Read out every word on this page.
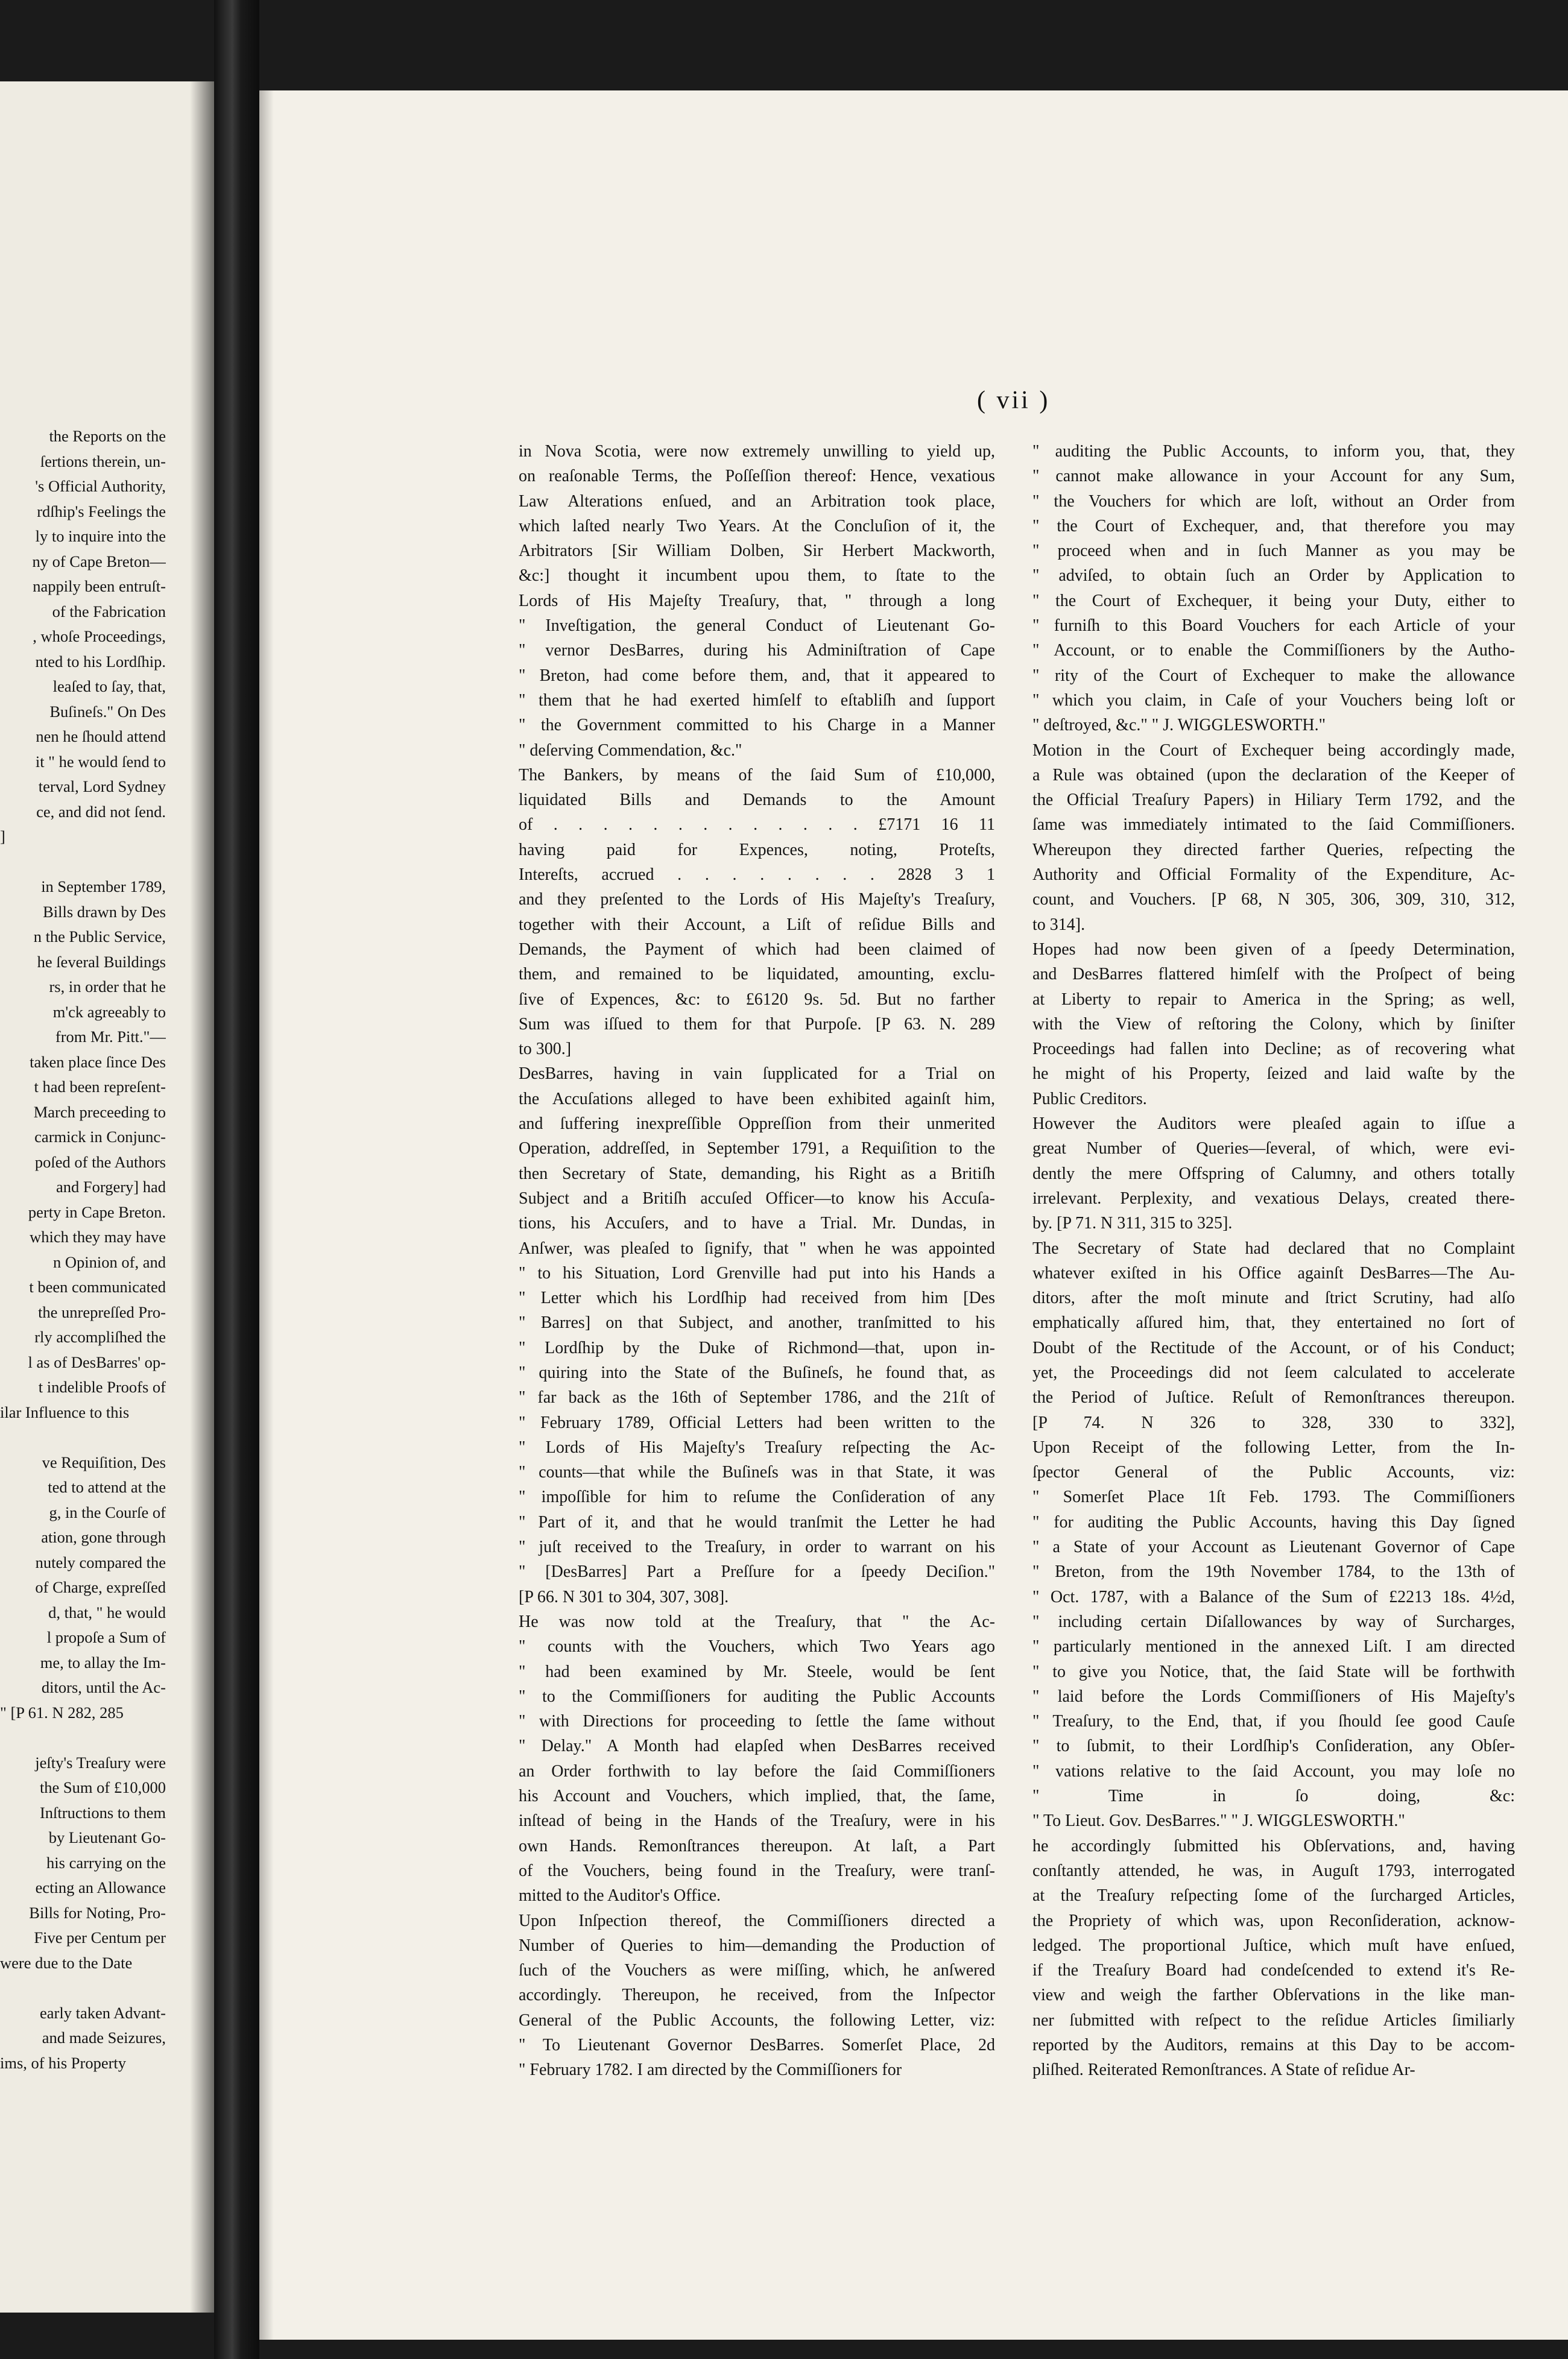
the Reports on the
ſertions therein, un-
's Official Authority,
rdſhip's Feelings the
ly to inquire into the
ny of Cape Breton—
nappily been entruſt-
of the Fabrication
, whoſe Proceedings,
nted to his Lordſhip.
leaſed to ſay, that,
Buſineſs." On Des
nen he ſhould attend
it " he would ſend to
terval, Lord Sydney
ce, and did not ſend.
]

in September 1789,
Bills drawn by Des
n the Public Service,
he ſeveral Buildings
rs, in order that he
m'ck agreeably to
from Mr. Pitt."—
taken place ſince Des
t had been repreſent-
March preceeding to
carmick in Conjunc-
poſed of the Authors
and Forgery] had
perty in Cape Breton.
which they may have
n Opinion of, and
t been communicated
the unrepreſſed Pro-
rly accompliſhed the
l as of DesBarres' op-
t indelible Proofs of
ilar Influence to this

ve Requiſition, Des
ted to attend at the
g, in the Courſe of
ation, gone through
nutely compared the
of Charge, expreſſed
d, that, " he would
l propoſe a Sum of
me, to allay the Im-
ditors, until the Ac-
" [P 61. N 282, 285

jeſty's Treaſury were
the Sum of £10,000
Inſtructions to them
by Lieutenant Go-
his carrying on the
ecting an Allowance
Bills for Noting, Pro-
Five per Centum per
were due to the Date

early taken Advant-
and made Seizures,
ims, of his Property
( vii )
in Nova Scotia, were now extremely unwilling to yield up,
on reaſonable Terms, the Poſſeſſion thereof: Hence, vexatious
Law Alterations enſued, and an Arbitration took place,
which laſted nearly Two Years. At the Concluſion of it, the
Arbitrators [Sir William Dolben, Sir Herbert Mackworth,
&c:] thought it incumbent upou them, to ſtate to the
Lords of His Majeſty Treaſury, that, " through a long
" Inveſtigation, the general Conduct of Lieutenant Go-
" vernor DesBarres, during his Adminiſtration of Cape
" Breton, had come before them, and, that it appeared to
" them that he had exerted himſelf to eſtabliſh and ſupport
" the Government committed to his Charge in a Manner
" deſerving Commendation, &c."
The Bankers, by means of the ſaid Sum of £10,000,
liquidated Bills and Demands to the Amount
of . . . . . . . . . . . . . £7171 16 11
having paid for Expences, noting, Proteſts,
Intereſts, accrued . . . . . . . . 2828 3 1
and they preſented to the Lords of His Majeſty's Treaſury,
together with their Account, a Liſt of reſidue Bills and
Demands, the Payment of which had been claimed of
them, and remained to be liquidated, amounting, exclu-
ſive of Expences, &c: to £6120 9s. 5d. But no farther
Sum was iſſued to them for that Purpoſe. [P 63. N. 289
to 300.]
DesBarres, having in vain ſupplicated for a Trial on
the Accuſations alleged to have been exhibited againſt him,
and ſuffering inexpreſſible Oppreſſion from their unmerited
Operation, addreſſed, in September 1791, a Requiſition to the
then Secretary of State, demanding, his Right as a Britiſh
Subject and a Britiſh accuſed Officer—to know his Accuſa-
tions, his Accuſers, and to have a Trial. Mr. Dundas, in
Anſwer, was pleaſed to ſignify, that " when he was appointed
" to his Situation, Lord Grenville had put into his Hands a
" Letter which his Lordſhip had received from him [Des
" Barres] on that Subject, and another, tranſmitted to his
" Lordſhip by the Duke of Richmond—that, upon in-
" quiring into the State of the Buſineſs, he found that, as
" far back as the 16th of September 1786, and the 21ſt of
" February 1789, Official Letters had been written to the
" Lords of His Majeſty's Treaſury reſpecting the Ac-
" counts—that while the Buſineſs was in that State, it was
" impoſſible for him to reſume the Conſideration of any
" Part of it, and that he would tranſmit the Letter he had
" juſt received to the Treaſury, in order to warrant on his
" [DesBarres] Part a Preſſure for a ſpeedy Deciſion."
[P 66. N 301 to 304, 307, 308].
He was now told at the Treaſury, that " the Ac-
" counts with the Vouchers, which Two Years ago
" had been examined by Mr. Steele, would be ſent
" to the Commiſſioners for auditing the Public Accounts
" with Directions for proceeding to ſettle the ſame without
" Delay." A Month had elapſed when DesBarres received
an Order forthwith to lay before the ſaid Commiſſioners
his Account and Vouchers, which implied, that, the ſame,
inſtead of being in the Hands of the Treaſury, were in his
own Hands. Remonſtrances thereupon. At laſt, a Part
of the Vouchers, being found in the Treaſury, were tranſ-
mitted to the Auditor's Office.
Upon Inſpection thereof, the Commiſſioners directed a
Number of Queries to him—demanding the Production of
ſuch of the Vouchers as were miſſing, which, he anſwered
accordingly. Thereupon, he received, from the Inſpector
General of the Public Accounts, the following Letter, viz:
" To Lieutenant Governor DesBarres. Somerſet Place, 2d
" February 1782. I am directed by the Commiſſioners for
" auditing the Public Accounts, to inform you, that, they
" cannot make allowance in your Account for any Sum,
" the Vouchers for which are loſt, without an Order from
" the Court of Exchequer, and, that therefore you may
" proceed when and in ſuch Manner as you may be
" adviſed, to obtain ſuch an Order by Application to
" the Court of Exchequer, it being your Duty, either to
" furniſh to this Board Vouchers for each Article of your
" Account, or to enable the Commiſſioners by the Autho-
" rity of the Court of Exchequer to make the allowance
" which you claim, in Caſe of your Vouchers being loſt or
" deſtroyed, &c." " J. WIGGLESWORTH."
Motion in the Court of Exchequer being accordingly made,
a Rule was obtained (upon the declaration of the Keeper of
the Official Treaſury Papers) in Hiliary Term 1792, and the
ſame was immediately intimated to the ſaid Commiſſioners.
Whereupon they directed farther Queries, reſpecting the
Authority and Official Formality of the Expenditure, Ac-
count, and Vouchers. [P 68, N 305, 306, 309, 310, 312,
to 314].
Hopes had now been given of a ſpeedy Determination,
and DesBarres flattered himſelf with the Proſpect of being
at Liberty to repair to America in the Spring; as well,
with the View of reſtoring the Colony, which by ſiniſter
Proceedings had fallen into Decline; as of recovering what
he might of his Property, ſeized and laid waſte by the
Public Creditors.
However the Auditors were pleaſed again to iſſue a
great Number of Queries—ſeveral, of which, were evi-
dently the mere Offspring of Calumny, and others totally
irrelevant. Perplexity, and vexatious Delays, created there-
by. [P 71. N 311, 315 to 325].
The Secretary of State had declared that no Complaint
whatever exiſted in his Office againſt DesBarres—The Au-
ditors, after the moſt minute and ſtrict Scrutiny, had alſo
emphatically aſſured him, that, they entertained no ſort of
Doubt of the Rectitude of the Account, or of his Conduct;
yet, the Proceedings did not ſeem calculated to accelerate
the Period of Juſtice. Reſult of Remonſtrances thereupon.
[P 74. N 326 to 328, 330 to 332],
Upon Receipt of the following Letter, from the In-
ſpector General of the Public Accounts, viz:
" Somerſet Place 1ſt Feb. 1793. The Commiſſioners
" for auditing the Public Accounts, having this Day ſigned
" a State of your Account as Lieutenant Governor of Cape
" Breton, from the 19th November 1784, to the 13th of
" Oct. 1787, with a Balance of the Sum of £2213 18s. 4½d,
" including certain Diſallowances by way of Surcharges,
" particularly mentioned in the annexed Liſt. I am directed
" to give you Notice, that, the ſaid State will be forthwith
" laid before the Lords Commiſſioners of His Majeſty's
" Treaſury, to the End, that, if you ſhould ſee good Cauſe
" to ſubmit, to their Lordſhip's Conſideration, any Obſer-
" vations relative to the ſaid Account, you may loſe no
" Time in ſo doing, &c:
" To Lieut. Gov. DesBarres." " J. WIGGLESWORTH."
he accordingly ſubmitted his Obſervations, and, having
conſtantly attended, he was, in Auguſt 1793, interrogated
at the Treaſury reſpecting ſome of the ſurcharged Articles,
the Propriety of which was, upon Reconſideration, acknow-
ledged. The proportional Juſtice, which muſt have enſued,
if the Treaſury Board had condeſcended to extend it's Re-
view and weigh the farther Obſervations in the like man-
ner ſubmitted with reſpect to the reſidue Articles ſimiliarly
reported by the Auditors, remains at this Day to be accom-
pliſhed. Reiterated Remonſtrances. A State of reſidue Ar-
